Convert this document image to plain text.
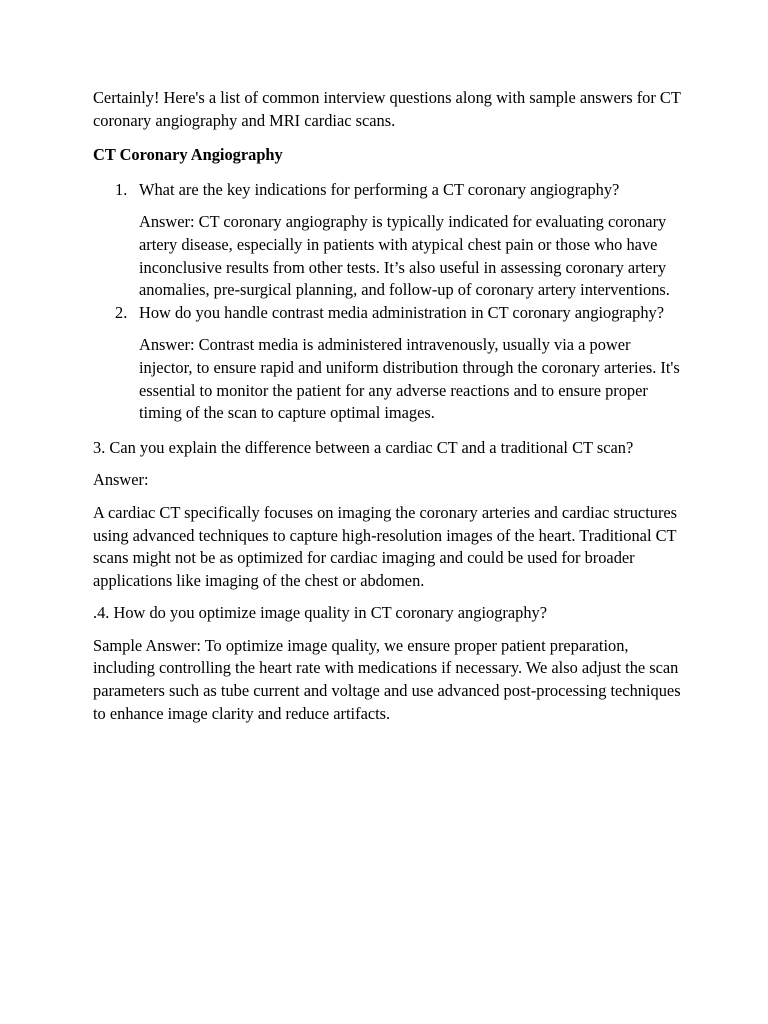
Certainly! Here's a list of common interview questions along with sample answers for CT coronary angiography and MRI cardiac scans.

CT Coronary Angiography

1. What are the key indications for performing a CT coronary angiography?

Answer: CT coronary angiography is typically indicated for evaluating coronary artery disease, especially in patients with atypical chest pain or those who have inconclusive results from other tests. It’s also useful in assessing coronary artery anomalies, pre-surgical planning, and follow-up of coronary artery interventions.

2. How do you handle contrast media administration in CT coronary angiography?

Answer: Contrast media is administered intravenously, usually via a power injector, to ensure rapid and uniform distribution through the coronary arteries. It's essential to monitor the patient for any adverse reactions and to ensure proper timing of the scan to capture optimal images.

3. Can you explain the difference between a cardiac CT and a traditional CT scan?

Answer:

A cardiac CT specifically focuses on imaging the coronary arteries and cardiac structures using advanced techniques to capture high-resolution images of the heart. Traditional CT scans might not be as optimized for cardiac imaging and could be used for broader applications like imaging of the chest or abdomen.

.4. How do you optimize image quality in CT coronary angiography?

Sample Answer: To optimize image quality, we ensure proper patient preparation, including controlling the heart rate with medications if necessary. We also adjust the scan parameters such as tube current and voltage and use advanced post-processing techniques to enhance image clarity and reduce artifacts.
